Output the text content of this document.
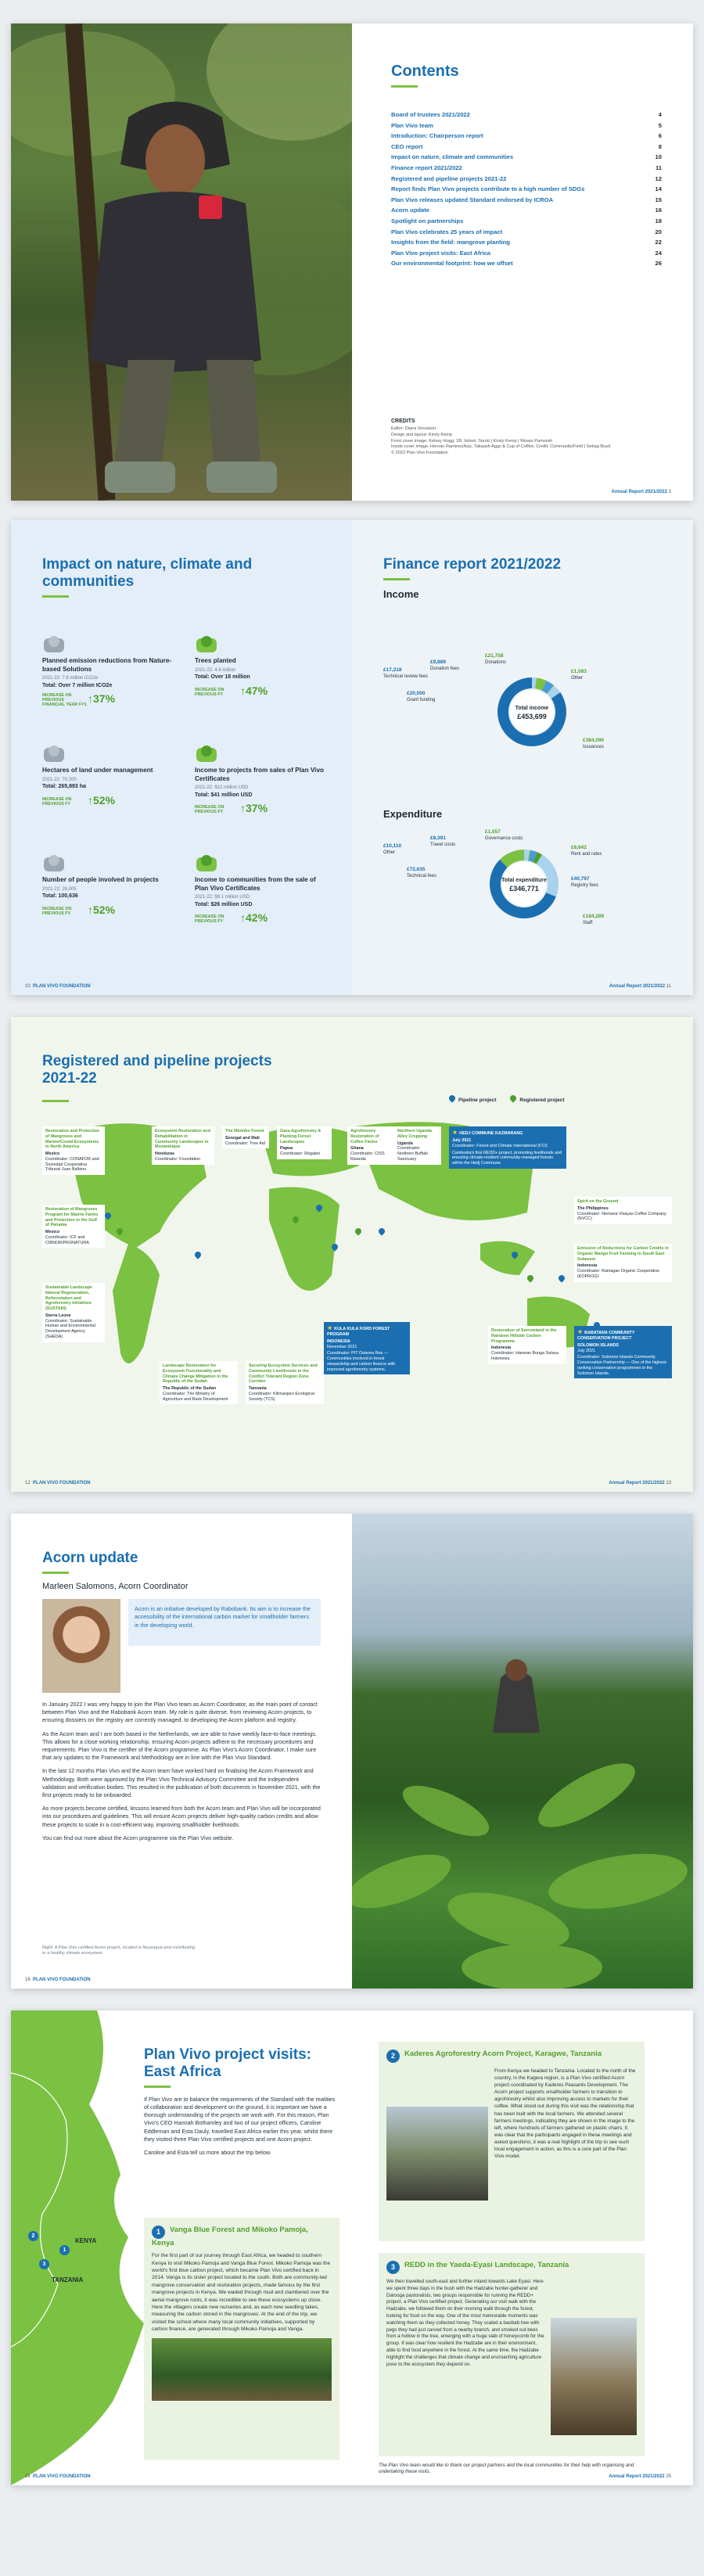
Contents
Board of trustees 2021/2022	4
Plan Vivo team	5
Introduction: Chairperson report	6
CEO report	8
Impact on nature, climate and communities	10
Finance report 2021/2022	11
Registered and pipeline projects 2021-22	12
Report finds Plan Vivo projects contribute to a high number of SDGs	14
Plan Vivo releases updated Standard endorsed by ICROA	15
Acorn update	16
Spotlight on partnerships	18
Plan Vivo celebrates 25 years of impact	20
Insights from the field: mangrove planting	22
Plan Vivo project visits: East Africa	24
Our environmental footprint: how we offset	26
CREDITS
Editor: Diana Vorsatzer
Design and layout: Kirsty Kemp
Front cover image: Kelsey Hogg; 1B: Velvet, Soroti | Kirsty Kemp | Moses Pamorah
Inside cover image: Hernan Ramirez/Aziz, Takaash Aggs & Cup of Coffee; Credit: Community/Field | Sebag Boyd
© 2022 Plan Vivo Foundation
Annual Report 2021/2022 3
Impact on nature, climate and communities
Planned emission reductions from Nature-based Solutions
2021-22: 7.8 million tCO2e
Total: Over 7 million tCO2e
INCREASE ON PREVIOUS FINANCIAL YEAR FY1↑37%
Trees planted
2021-22: 4.6 million
Total: Over 18 million
INCREASE ON PREVIOUS FY ↑47%
Hectares of land under management
2021-22: 70,200
Total: 265,893 ha
INCREASE ON PREVIOUS FY ↑52%
Income to projects from sales of Plan Vivo Certificates
2021-22: $12 million USD
Total: $41 million USD
INCREASE ON PREVIOUS FY ↑37%
Number of people involved in projects
2021-22: 26,005
Total: 100,636
INCREASE ON PREVIOUS FY ↑52%
Income to communities from the sale of Plan Vivo Certificates
2021-22: $9.1 million USD
Total: $26 million USD
INCREASE ON PREVIOUS FY ↑42%
10 PLAN VIVO FOUNDATION
Finance report 2021/2022
Income
Total income
£453,699
£9,889
Donation fees
£21,758
Donations
£17,218
Technical review fees
£1,083
Other
£20,000
Grant funding
£384,090
Issuances
Expenditure
Total expenditure
£346,771
£8,391
Travel costs
£1,557
Governance costs
£10,110
Other
£8,642
Rent and rates
£72,635
Technical fees
£184,289
Staff
£40,797
Registry fees
Annual Report 2021/2022 11
Registered and pipeline projects 2021-22
Pipeline project	Registered project
Restoration and Protection of Mangroves and Marine/Costal Ecosystems in North America
Mexico
Coordinator: CONAFOR and Sociedad Cooperativa Tribunal Juan Balbino
Restoration of Mangroves Program for Marine Farms and Protection in the Gulf of Panama
Mexico
Coordinator: ICF and CIBNOR/PRONATURA
Sustainable Landscape Natural Regeneration, Reforestation and Agroforestry Initiatives (SUSTAIN)
Sierra Leone
Coordinator: Sustainable Human and Environmental Development Agency (SHEDA)
Ecosystem Restoration and Rehabilitation in Community Landscapes in Mozambique
Honduras
Coordinator: Foundation
The Miombo Forest
Senegal and Mali
Coordinator: Tree Aid
Gaza Agroforestry & Planting Forest Landscapes
Papua
Coordinator: Regalen
Agroforestry Restoration of Coffee Farms
Ghana
Coordinator: CISS Rwanda
Northern Uganda Alley Cropping
Uganda
Coordinator: Northern Buffalo Sanctuary
Landscape Restoration for Ecosystem Functionality and Climate Change Mitigation in the Republic of the Sudan
The Republic of the Sudan
Coordinator: The Ministry of Agriculture and Bank Development
Securing Ecosystem Services and Community Livelihoods in the Conflict Tolerant Region Zone Corridor
Tanzania
Coordinator: Kilimanjaro Ecological Society (TCS)
★ HEDJ COMMUNE KAZMARANG
July 2021
Coordinator: Forest and Climate International (FCI)
Cambodia's first REDD+ project, promoting livelihoods and ensuring climate-resilient community-managed forests within the Hedj Commune.
★ KULA KULA FORD FOREST PROGRAM
INDONESIA
November 2021
Coordinator: PIT Osterea Res — Communities involved in forest stewardship and carbon finance with improved agroforestry systems.
★ BABATANA COMMUNITY CONSERVATION PROJECT
SOLOMON ISLANDS
July 2021
Coordinator: Solomon Islands Community Conservation Partnership — One of the highest-ranking conservation programmes in the Solomon Islands.
Spirit on the Ground
The Philippines
Coordinator: Nemana Visayas Coffee Company (NVCC)
Emission of Reductions for Carbon Credits in Organic Mango Fruit Farming in South East Sulawesi
Indonesia
Coordinator: Rainagan Organic Cooperative (KOPROG)
Restoration of Sorrowland in the Rainbow Hillside Carbon Programme
Indonesia
Coordinator: Hanwan Bunga Selasa Indonesia
12 PLAN VIVO FOUNDATION	Annual Report 2021/2022 13
Acorn update
Marleen Salomons, Acorn Coordinator
Acorn is an initiative developed by Rabobank. Its aim is to increase the accessibility of the international carbon market for smallholder farmers in the developing world.

In January 2022 I was very happy to join the Plan Vivo team as Acorn Coordinator, as the main point of contact between Plan Vivo and the Rabobank Acorn team. My role is quite diverse, from reviewing Acorn projects, to ensuring dossiers on the registry are correctly managed, to developing the Acorn platform and registry.

As the Acorn team and I are both based in the Netherlands, we are able to have weekly face-to-face meetings. This allows for a close working relationship, ensuring Acorn projects adhere to the necessary procedures and requirements. Plan Vivo is the certifier of the Acorn programme. As Plan Vivo's Acorn Coordinator, I make sure that any updates to the Framework and Methodology are in line with the Plan Vivo Standard.

In the last 12 months Plan Vivo and the Acorn team have worked hard on finalising the Acorn Framework and Methodology. Both were approved by the Plan Vivo Technical Advisory Committee and the independent validation and verification bodies. This resulted in the publication of both documents in November 2021, with the first projects ready to be onboarded.

As more projects become certified, lessons learned from both the Acorn team and Plan Vivo will be incorporated into our procedures and guidelines. This will ensure Acorn projects deliver high-quality carbon credits and allow these projects to scale in a cost-efficient way, improving smallholder livelihoods.

You can find out more about the Acorn programme via the Plan Vivo website.

Right: A Plan Vivo certified Acorn project, located in Nicaragua and contributing to a healthy climate ecosystem.
16 PLAN VIVO FOUNDATION
KENYA
TANZANIA
1
2
3
Plan Vivo project visits: East Africa

If Plan Vivo are to balance the requirements of the Standard with the realities of collaboration and development on the ground, it is important we have a thorough understanding of the projects we work with. For this reason, Plan Vivo's CEO Hannah Bothamley and two of our project officers, Caroline Eddleman and Esta Dauly, travelled East Africa earlier this year, whilst there they visited three Plan Vivo certified projects and one Acorn project.

Caroline and Esta tell us more about the trip below.

1 Vanga Blue Forest and Mikoko Pamoja, Kenya

For the first part of our journey through East Africa, we headed to southern Kenya to visit Mikoko Pamoja and Vanga Blue Forest. Mikoko Pamoja was the world's first blue carbon project, which became Plan Vivo certified back in 2014. Vanga is its sister project located to the south. Both are community-led mangrove conservation and restoration projects, made famous by the first mangrove projects in Kenya. We waded through mud and clambered over the aerial mangrove roots, it was incredible to see these ecosystems up close. Here the villagers create new nurseries and, as each new seedling takes, measuring the carbon stored in the mangroves. At the end of the trip, we visited the school where many local community initiatives, supported by carbon finance, are generated through Mikoko Pamoja and Vanga.

2 Kaderes Agroforestry Acorn Project, Karagwe, Tanzania

From Kenya we headed to Tanzania. Located to the north of the country, in the Kagera region, is a Plan Vivo certified Acorn project coordinated by Kaderes Peasants Development. The Acorn project supports smallholder farmers to transition to agroforestry whilst also improving access to markets for their coffee. What stood out during this visit was the relationship that has been built with the local farmers. We attended several farmers meetings, indicating they are shown in the image to the left, where hundreds of farmers gathered on plastic chairs. It was clear that the participants engaged in these meetings and asked questions; it was a real highlight of the trip to see such local engagement in action, as this is a core part of the Plan Vivo model.

3 REDD in the Yaeda-Eyasi Landscape, Tanzania

We then travelled south-east and further inland towards Lake Eyasi. Here we spent three days in the bush with the Hadzabe hunter-gatherer and Datooga pastoralists, two groups responsible for running the REDD+ project, a Plan Vivo certified project. Generating our visit walk with the Hadzabe, we followed them on their morning walk through the forest, looking for food on the way. One of the most memorable moments was watching them as they collected honey. They scaled a baobab tree with pegs they had just carved from a nearby branch, and smoked out bees from a hollow in the tree, emerging with a huge slab of honeycomb for the group. It was clear how resilient the Hadzabe are in their environment, able to find food anywhere in the forest. At the same time, the Hadzabe highlight the challenges that climate change and encroaching agriculture pose to the ecosystem they depend on.

The Plan Vivo team would like to thank our project partners and the local communities for their help with organising and undertaking these visits.
24 PLAN VIVO FOUNDATION	Annual Report 2021/2022 25
